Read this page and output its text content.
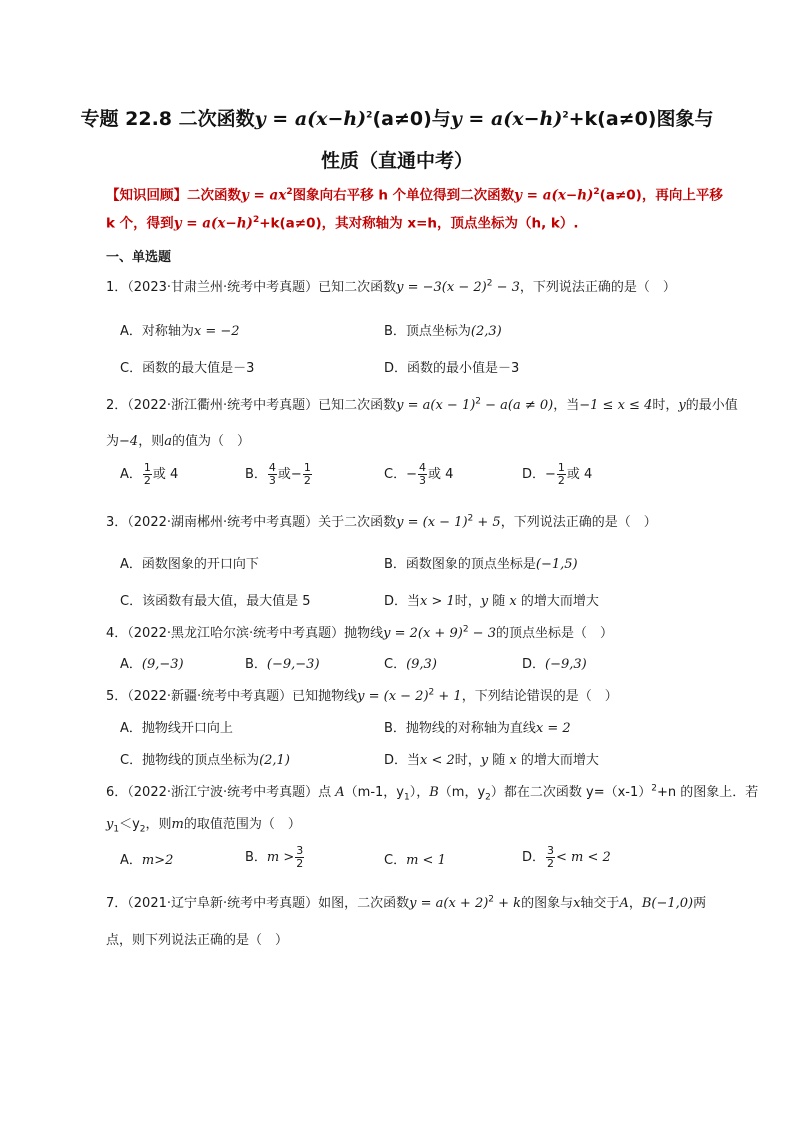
专题 22.8 二次函数$y = a(x-h)^2(a\ne 0)$与$y = a(x-h)^2+k(a\ne 0)$图象与
性质（直通中考）
【知识回顾】二次函数$y = ax^2$图象向右平移 h 个单位得到二次函数$y = a(x-h)^2(a\ne 0)$，再向上平移 k 个，得到$y = a(x-h)^2+k(a\ne 0)$，其对称轴为 x=h，顶点坐标为（h, k）.
一、单选题
1．（2023·甘肃兰州·统考中考真题）已知二次函数$y = -3(x - 2)^2 - 3$，下列说法正确的是（　）
A．对称轴为x = −2	B．顶点坐标为(2,3)
C．函数的最大值是－3	D．函数的最小值是－3
2．（2022·浙江衢州·统考中考真题）已知二次函数$y = a(x - 1)^2 - a(a \ne 0)$，当−1 ≤ x ≤ 4时，y的最小值
为−4，则a的值为（　）
A． $\frac{1}{2}$ 或 4	B． $\frac{4}{3}$ 或− $\frac{1}{2}$	C．− $\frac{4}{3}$ 或 4	D．− $\frac{1}{2}$ 或 4
3．（2022·湖南郴州·统考中考真题）关于二次函数$y = (x - 1)^2 + 5$，下列说法正确的是（　）
A．函数图象的开口向下	B．函数图象的顶点坐标是(−1,5)
C．该函数有最大值，最大值是 5	D．当x > 1时，y 随 x 的增大而增大
4．（2022·黑龙江哈尔滨·统考中考真题）抛物线$y = 2(x + 9)^2 - 3$的顶点坐标是（　）
A．(9,−3)	B．(−9,−3)	C．(9,3)	D．(−9,3)
5．（2022·新疆·统考中考真题）已知抛物线$y = (x - 2)^2 + 1$，下列结论错误的是（　）
A．抛物线开口向上	B．抛物线的对称轴为直线x = 2
C．抛物线的顶点坐标为(2,1)	D．当x < 2时，y 随 x 的增大而增大
6．（2022·浙江宁波·统考中考真题）点 A（m-1，$y_1$），B（m，$y_2$）都在二次函数 $y=(x-1)^2+n$ 的图象上．若
$y_1<y_2$，则m的取值范围为（　）
A．m>2	B．$m > \frac{3}{2}$	C．m < 1	D． $\frac{3}{2} < m < 2$
7．（2021·辽宁阜新·统考中考真题）如图，二次函数$y = a(x + 2)^2 + k$的图象与x轴交于A，B(−1,0)两
点，则下列说法正确的是（　）
